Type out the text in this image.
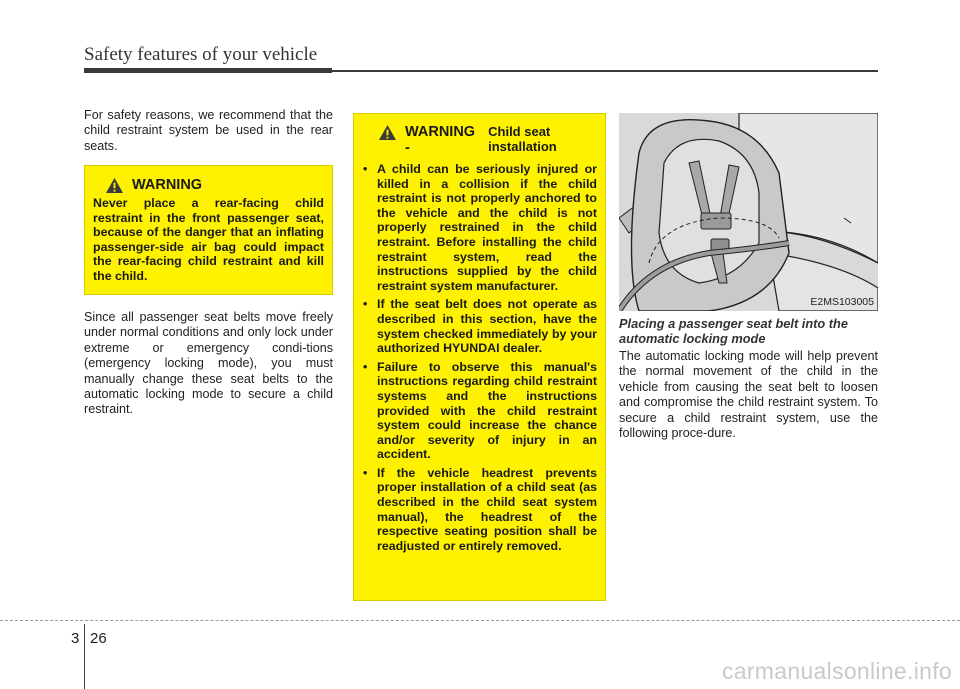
Safety features of your vehicle

For safety reasons, we recommend that the child restraint system be used in the rear seats.

WARNING

Never place a rear-facing child restraint in the front passenger seat, because of the danger that an inflating passenger-side air bag could impact the rear-facing child restraint and kill the child.

Since all passenger seat belts move freely under normal conditions and only lock under extreme or emergency condi-tions (emergency locking mode), you must manually change these seat belts to the automatic locking mode to secure a child restraint.

WARNING -
Child seat installation
• A child can be seriously injured or killed in a collision if the child restraint is not properly anchored to the vehicle and the child is not properly restrained in the child restraint. Before installing the child restraint system, read the instructions supplied by the child restraint system manufacturer.
• If the seat belt does not operate as described in this section, have the system checked immediately by your authorized HYUNDAI dealer.
• Failure to observe this manual's instructions regarding child restraint systems and the instructions provided with the child restraint system could increase the chance and/or severity of injury in an accident.
• If the vehicle headrest prevents proper installation of a child seat (as described in the child seat system manual), the headrest of the respective seating position shall be readjusted or entirely removed.
E2MS103005

Placing a passenger seat belt into the automatic locking mode

The automatic locking mode will help prevent the normal movement of the child in the vehicle from causing the seat belt to loosen and compromise the child restraint system. To secure a child restraint system, use the following proce-dure.

3 26
carmanualsonline.info
